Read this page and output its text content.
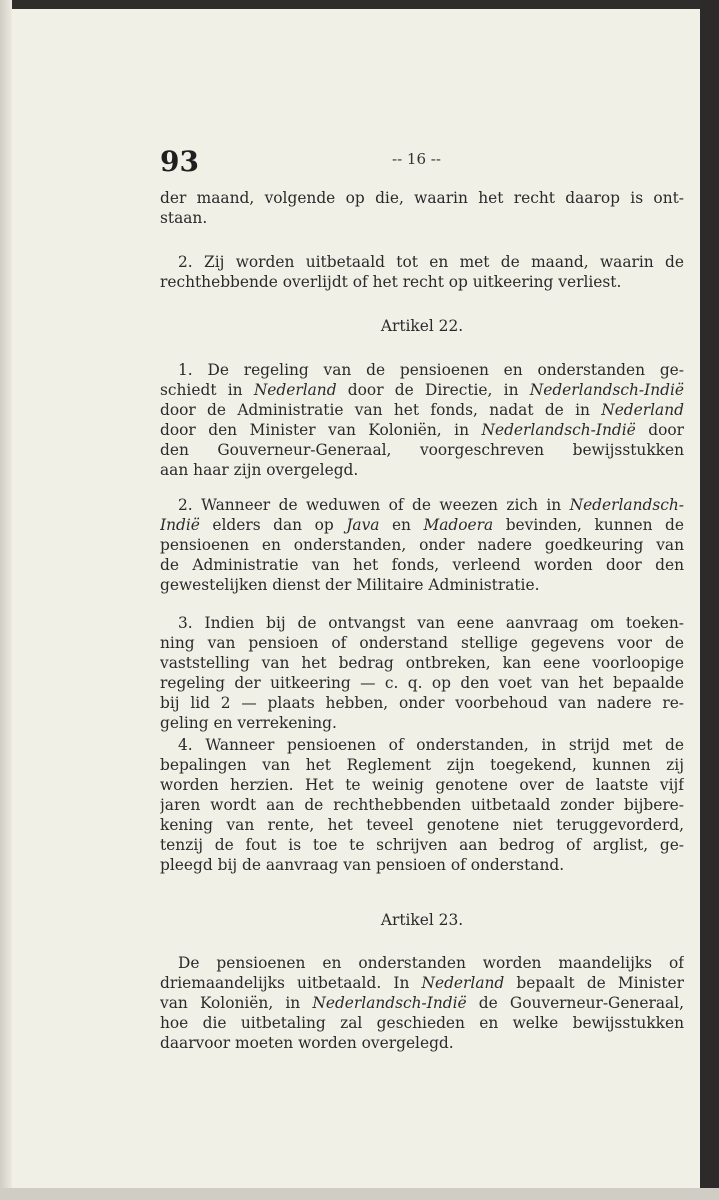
93	-- 16 --
der maand, volgende op die, waarin het recht daarop is ont-
staan.
2. Zij worden uitbetaald tot en met de maand, waarin de
rechthebbende overlijdt of het recht op uitkeering verliest.
Artikel 22.
1. De regeling van de pensioenen en onderstanden ge-
schiedt in Nederland door de Directie, in Nederlandsch-Indië
door de Administratie van het fonds, nadat de in Nederland
door den Minister van Koloniën, in Nederlandsch-Indië door
den Gouverneur-Generaal, voorgeschreven bewijsstukken
aan haar zijn overgelegd.
2. Wanneer de weduwen of de weezen zich in Nederlandsch-
Indië elders dan op Java en Madoera bevinden, kunnen de
pensioenen en onderstanden, onder nadere goedkeuring van
de Administratie van het fonds, verleend worden door den
gewestelijken dienst der Militaire Administratie.
3. Indien bij de ontvangst van eene aanvraag om toeken-
ning van pensioen of onderstand stellige gegevens voor de
vaststelling van het bedrag ontbreken, kan eene voorloopige
regeling der uitkeering — c. q. op den voet van het bepaalde
bij lid 2 — plaats hebben, onder voorbehoud van nadere re-
geling en verrekening.
4. Wanneer pensioenen of onderstanden, in strijd met de
bepalingen van het Reglement zijn toegekend, kunnen zij
worden herzien. Het te weinig genotene over de laatste vijf
jaren wordt aan de rechthebbenden uitbetaald zonder bijbere-
kening van rente, het teveel genotene niet teruggevorderd,
tenzij de fout is toe te schrijven aan bedrog of arglist, ge-
pleegd bij de aanvraag van pensioen of onderstand.
Artikel 23.
De pensioenen en onderstanden worden maandelijks of
driemaandelijks uitbetaald. In Nederland bepaalt de Minister
van Koloniën, in Nederlandsch-Indië de Gouverneur-Generaal,
hoe die uitbetaling zal geschieden en welke bewijsstukken
daarvoor moeten worden overgelegd.
